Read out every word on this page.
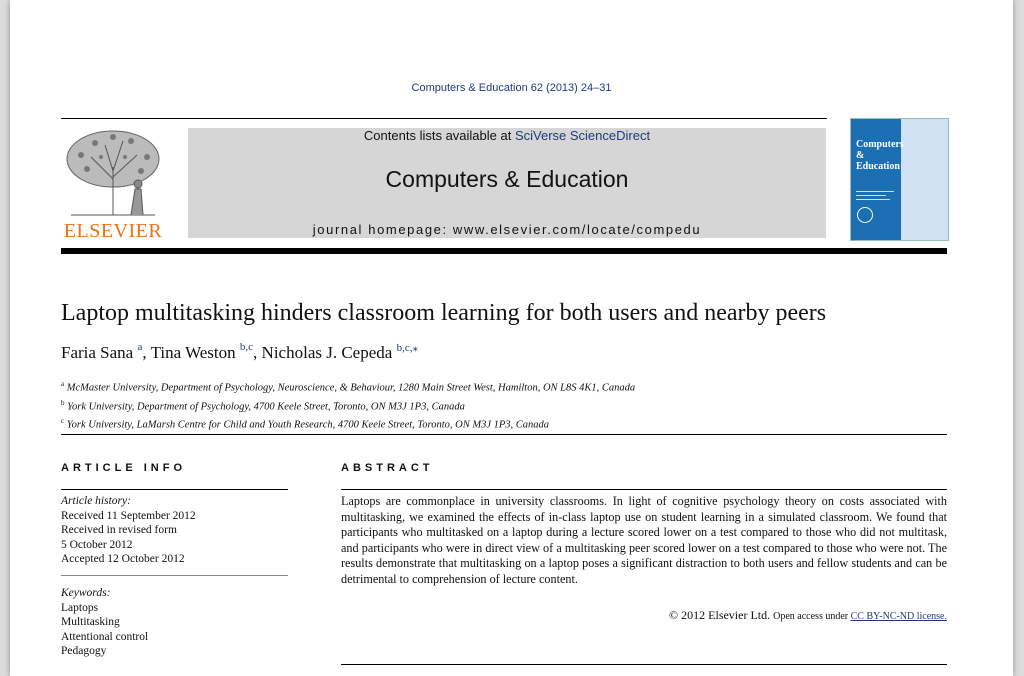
Computers & Education 62 (2013) 24–31
ELSEVIER
Contents lists available at SciVerse ScienceDirect
Computers & Education
journal homepage: www.elsevier.com/locate/compedu
Computers & Education
Laptop multitasking hinders classroom learning for both users and nearby peers
Faria Sana $^a$, Tina Weston $^{b,c}$, Nicholas J. Cepeda $^{b,c,⁎}$
$^a$ McMaster University, Department of Psychology, Neuroscience, & Behaviour, 1280 Main Street West, Hamilton, ON L8S 4K1, Canada
$^b$ York University, Department of Psychology, 4700 Keele Street, Toronto, ON M3J 1P3, Canada
$^c$ York University, LaMarsh Centre for Child and Youth Research, 4700 Keele Street, Toronto, ON M3J 1P3, Canada
ARTICLE INFO
Article history:
Received 11 September 2012
Received in revised form
5 October 2012
Accepted 12 October 2012
Keywords:
Laptops
Multitasking
Attentional control
Pedagogy
ABSTRACT
Laptops are commonplace in university classrooms. In light of cognitive psychology theory on costs associated with multitasking, we examined the effects of in-class laptop use on student learning in a simulated classroom. We found that participants who multitasked on a laptop during a lecture scored lower on a test compared to those who did not multitask, and participants who were in direct view of a multitasking peer scored lower on a test compared to those who were not. The results demonstrate that multitasking on a laptop poses a significant distraction to both users and fellow students and can be detrimental to comprehension of lecture content.
© 2012 Elsevier Ltd. Open access under CC BY-NC-ND license.
